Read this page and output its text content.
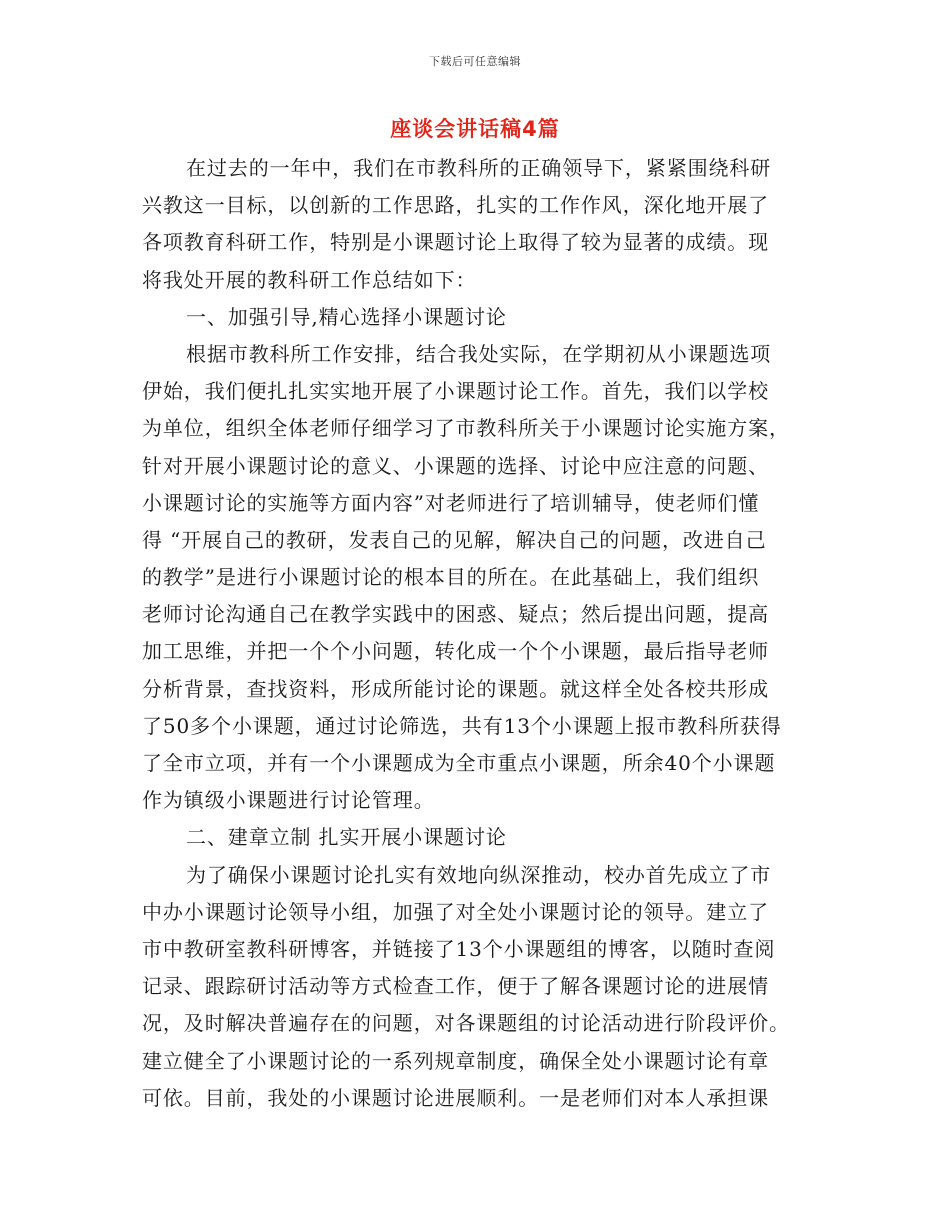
下载后可任意编辑
座谈会讲话稿4篇
在过去的一年中，我们在市教科所的正确领导下，紧紧围绕科研
兴教这一目标，以创新的工作思路，扎实的工作作风，深化地开展了
各项教育科研工作，特别是小课题讨论上取得了较为显著的成绩。现
将我处开展的教科研工作总结如下：
一、加强引导,精心选择小课题讨论
根据市教科所工作安排，结合我处实际，在学期初从小课题选项
伊始，我们便扎扎实实地开展了小课题讨论工作。首先，我们以学校
为单位，组织全体老师仔细学习了市教科所关于小课题讨论实施方案，
针对开展小课题讨论的意义、小课题的选择、讨论中应注意的问题、
小课题讨论的实施等方面内容”对老师进行了培训辅导，使老师们懂
得 “开展自己的教研，发表自己的见解，解决自己的问题，改进自己
的教学”是进行小课题讨论的根本目的所在。在此基础上，我们组织
老师讨论沟通自己在教学实践中的困惑、疑点；然后提出问题，提高
加工思维，并把一个个小问题，转化成一个个小课题，最后指导老师
分析背景，查找资料，形成所能讨论的课题。就这样全处各校共形成
了50多个小课题，通过讨论筛选，共有13个小课题上报市教科所获得
了全市立项，并有一个小课题成为全市重点小课题，所余40个小课题
作为镇级小课题进行讨论管理。
二、建章立制 扎实开展小课题讨论
为了确保小课题讨论扎实有效地向纵深推动，校办首先成立了市
中办小课题讨论领导小组，加强了对全处小课题讨论的领导。建立了
市中教研室教科研博客，并链接了13个小课题组的博客，以随时查阅
记录、跟踪研讨活动等方式检查工作，便于了解各课题讨论的进展情
况，及时解决普遍存在的问题，对各课题组的讨论活动进行阶段评价。
建立健全了小课题讨论的一系列规章制度，确保全处小课题讨论有章
可依。目前，我处的小课题讨论进展顺利。一是老师们对本人承担课
